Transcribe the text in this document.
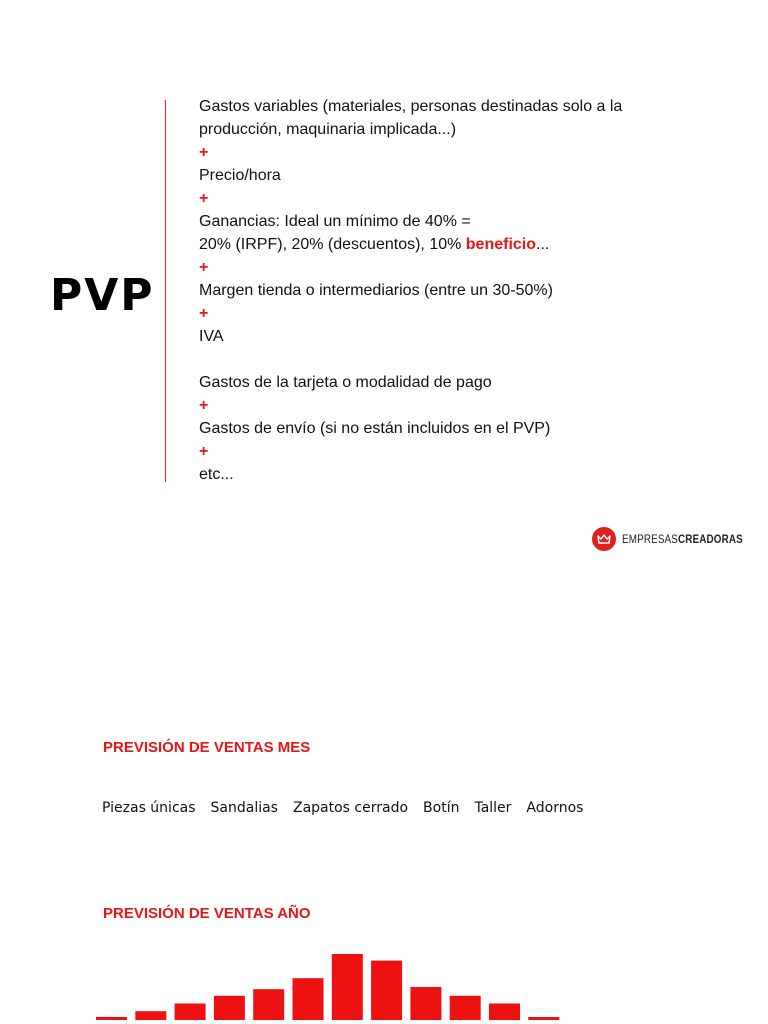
PVP
Gastos variables (materiales, personas destinadas solo a la
producción, maquinaria implicada...)
+
Precio/hora
+
Ganancias: Ideal un mínimo de 40% =
20% (IRPF), 20% (descuentos), 10% beneficio...
+
Margen tienda o intermediarios (entre un 30-50%)
+
IVA
Gastos de la tarjeta o modalidad de pago
+
Gastos de envío (si no están incluidos en el PVP)
+
etc...
EMPRESASCREADORAS
PREVISIÓN DE VENTAS MES
Piezas únicas Sandalias Zapatos cerrado Botín Taller Adornos
PREVISIÓN DE VENTAS AÑO
